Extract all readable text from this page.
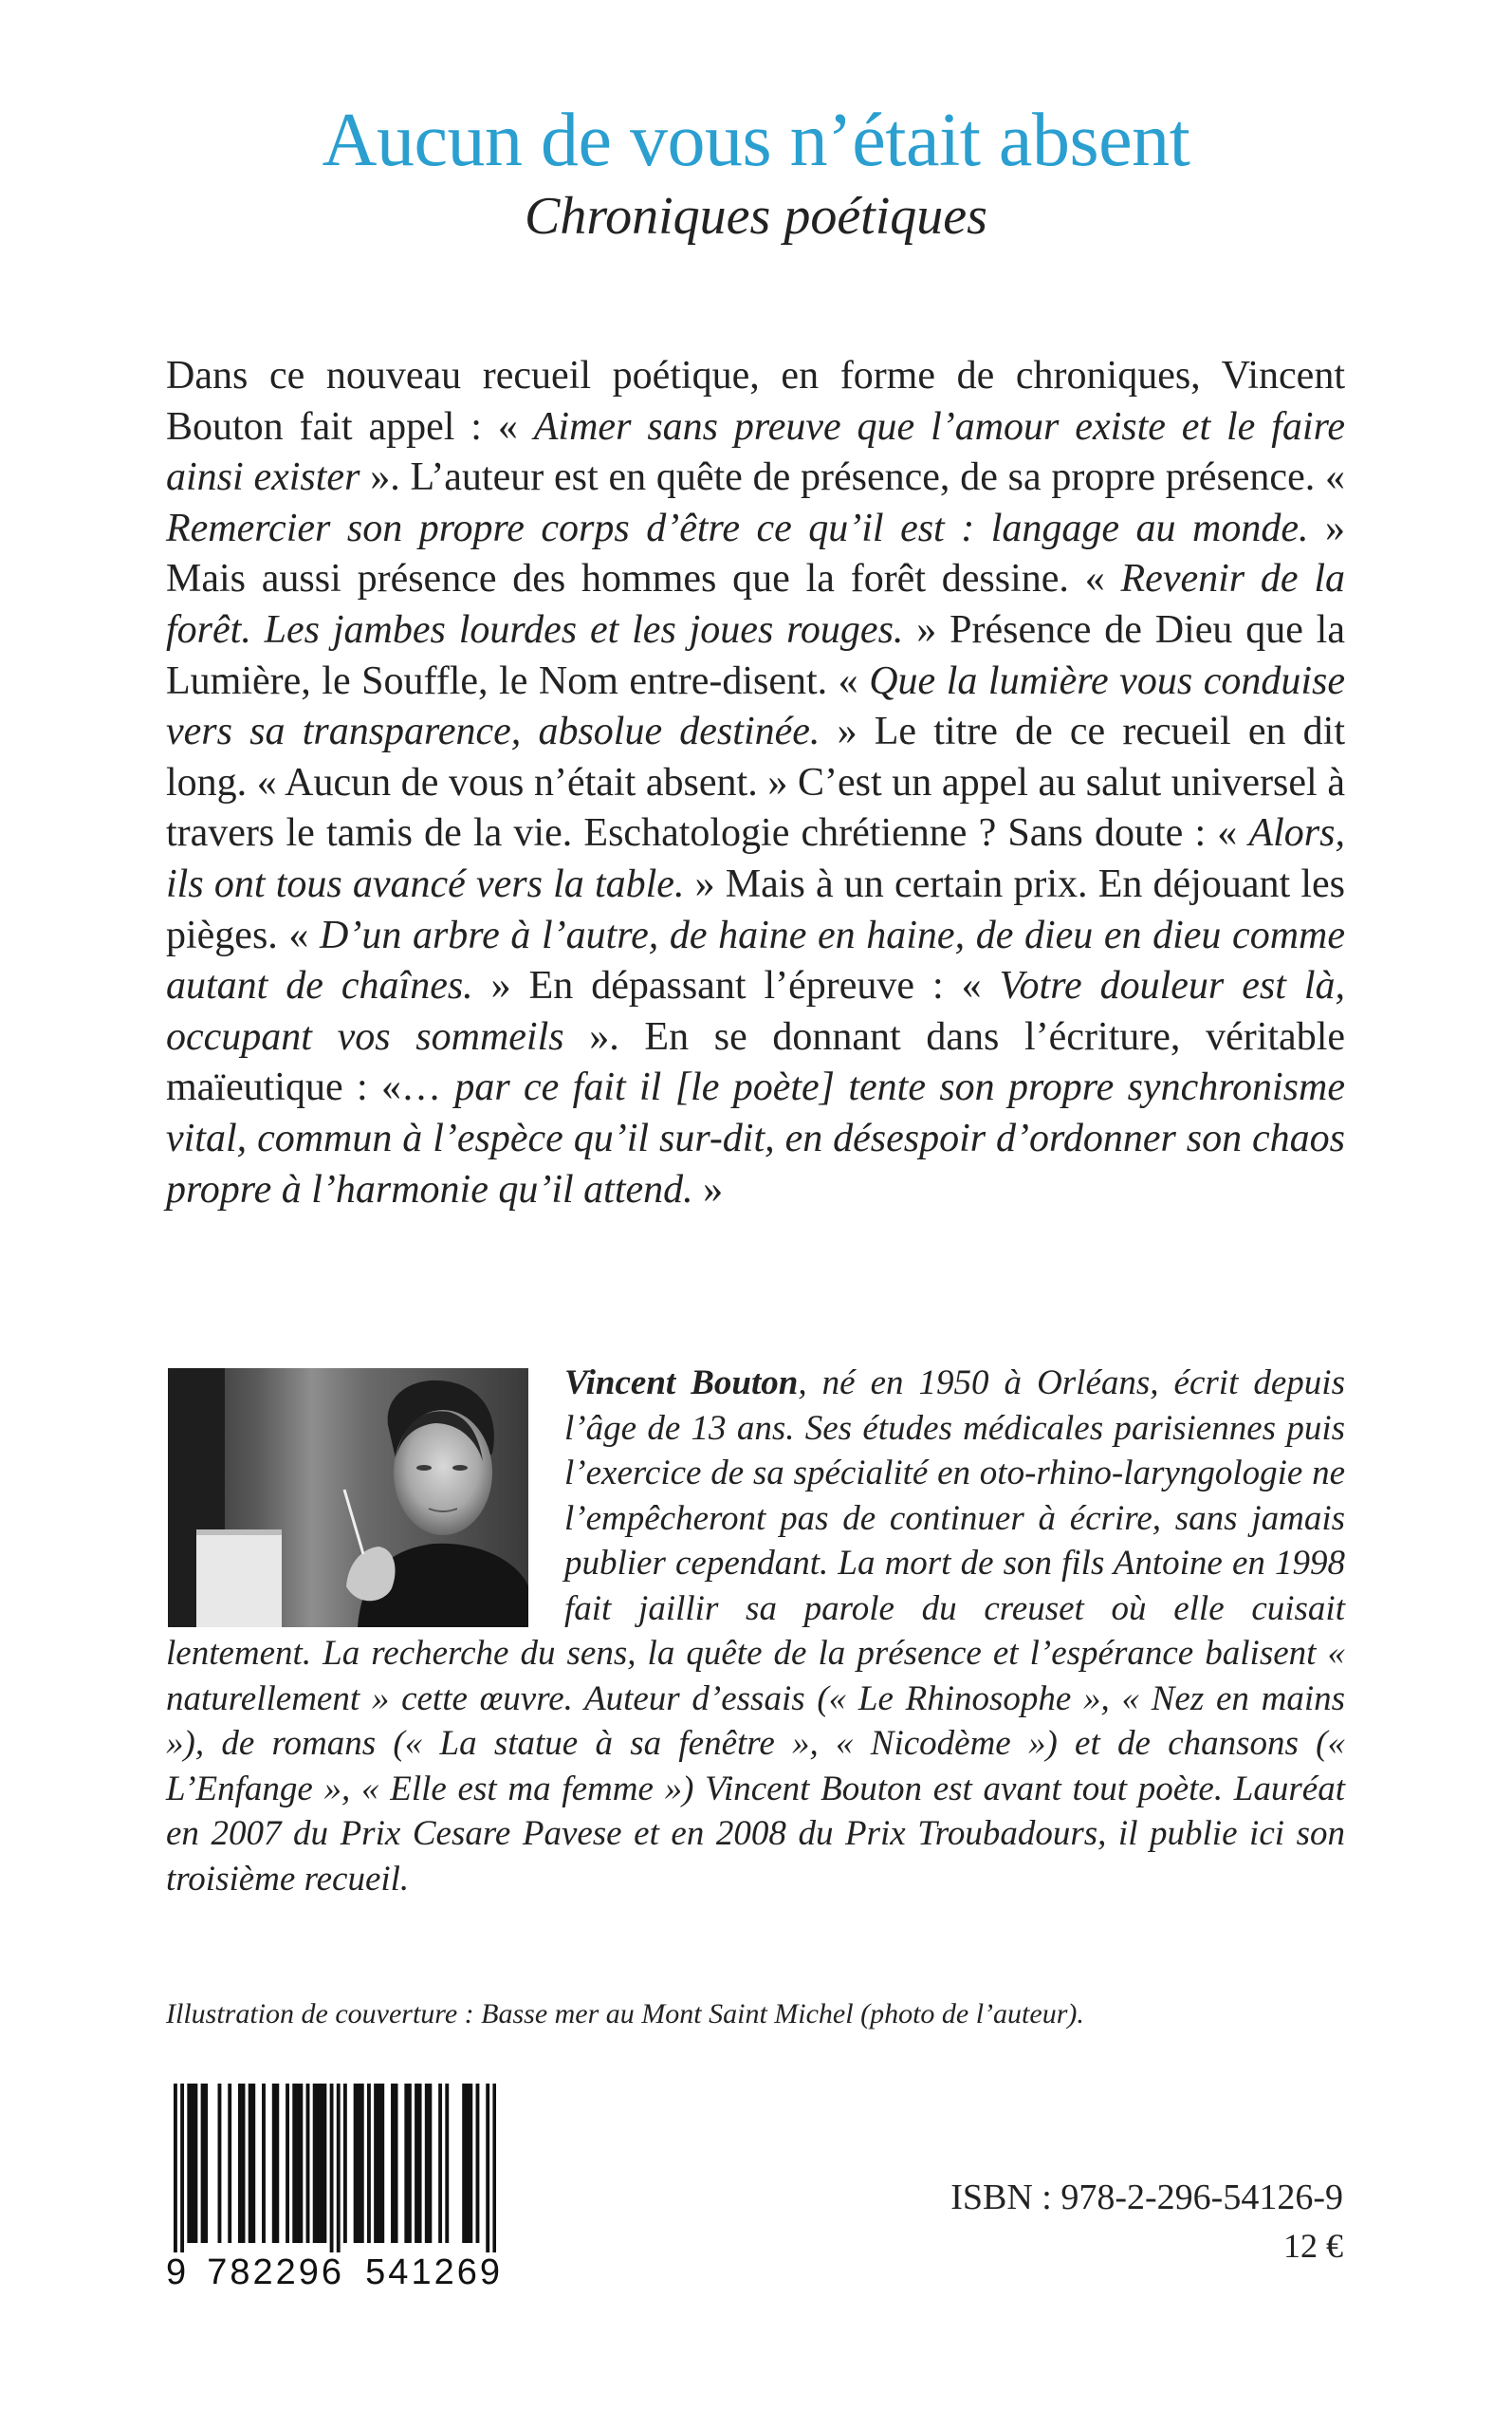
Aucun de vous n’était absent
Chroniques poétiques

Dans ce nouveau recueil poétique, en forme de chroniques, Vincent Bouton fait appel : « Aimer sans preuve que l’amour existe et le faire ainsi exister ». L’auteur est en quête de présence, de sa propre présence. « Remercier son propre corps d’être ce qu’il est : langage au monde. » Mais aussi présence des hommes que la forêt dessine. « Revenir de la forêt. Les jambes lourdes et les joues rouges. » Présence de Dieu que la Lumière, le Souffle, le Nom entre-disent. « Que la lumière vous conduise vers sa transparence, absolue destinée. » Le titre de ce recueil en dit long. « Aucun de vous n’était absent. » C’est un appel au salut universel à travers le tamis de la vie. Eschatologie chrétienne ? Sans doute : « Alors, ils ont tous avancé vers la table. » Mais à un certain prix. En déjouant les pièges. « D’un arbre à l’autre, de haine en haine, de dieu en dieu comme autant de chaînes. » En dépassant l’épreuve : « Votre douleur est là, occupant vos sommeils ». En se donnant dans l’écriture, véritable maïeutique : «… par ce fait il [le poète] tente son propre synchronisme vital, commun à l’espèce qu’il sur-dit, en désespoir d’ordonner son chaos propre à l’harmonie qu’il attend. »

Vincent Bouton, né en 1950 à Orléans, écrit depuis l’âge de 13 ans. Ses études médicales parisiennes puis l’exercice de sa spécialité en oto-rhino-laryngologie ne l’empêcheront pas de continuer à écrire, sans jamais publier cependant. La mort de son fils Antoine en 1998 fait jaillir sa parole du creuset où elle cuisait lentement. La recherche du sens, la quête de la présence et l’espérance balisent « naturellement » cette œuvre. Auteur d’essais (« Le Rhinosophe », « Nez en mains »), de romans (« La statue à sa fenêtre », « Nicodème ») et de chansons (« L’Enfange », « Elle est ma femme ») Vincent Bouton est avant tout poète. Lauréat en 2007 du Prix Cesare Pavese et en 2008 du Prix Troubadours, il publie ici son troisième recueil.

Illustration de couverture : Basse mer au Mont Saint Michel (photo de l’auteur).

9 782296 541269

ISBN : 978-2-296-54126-9

12 €
